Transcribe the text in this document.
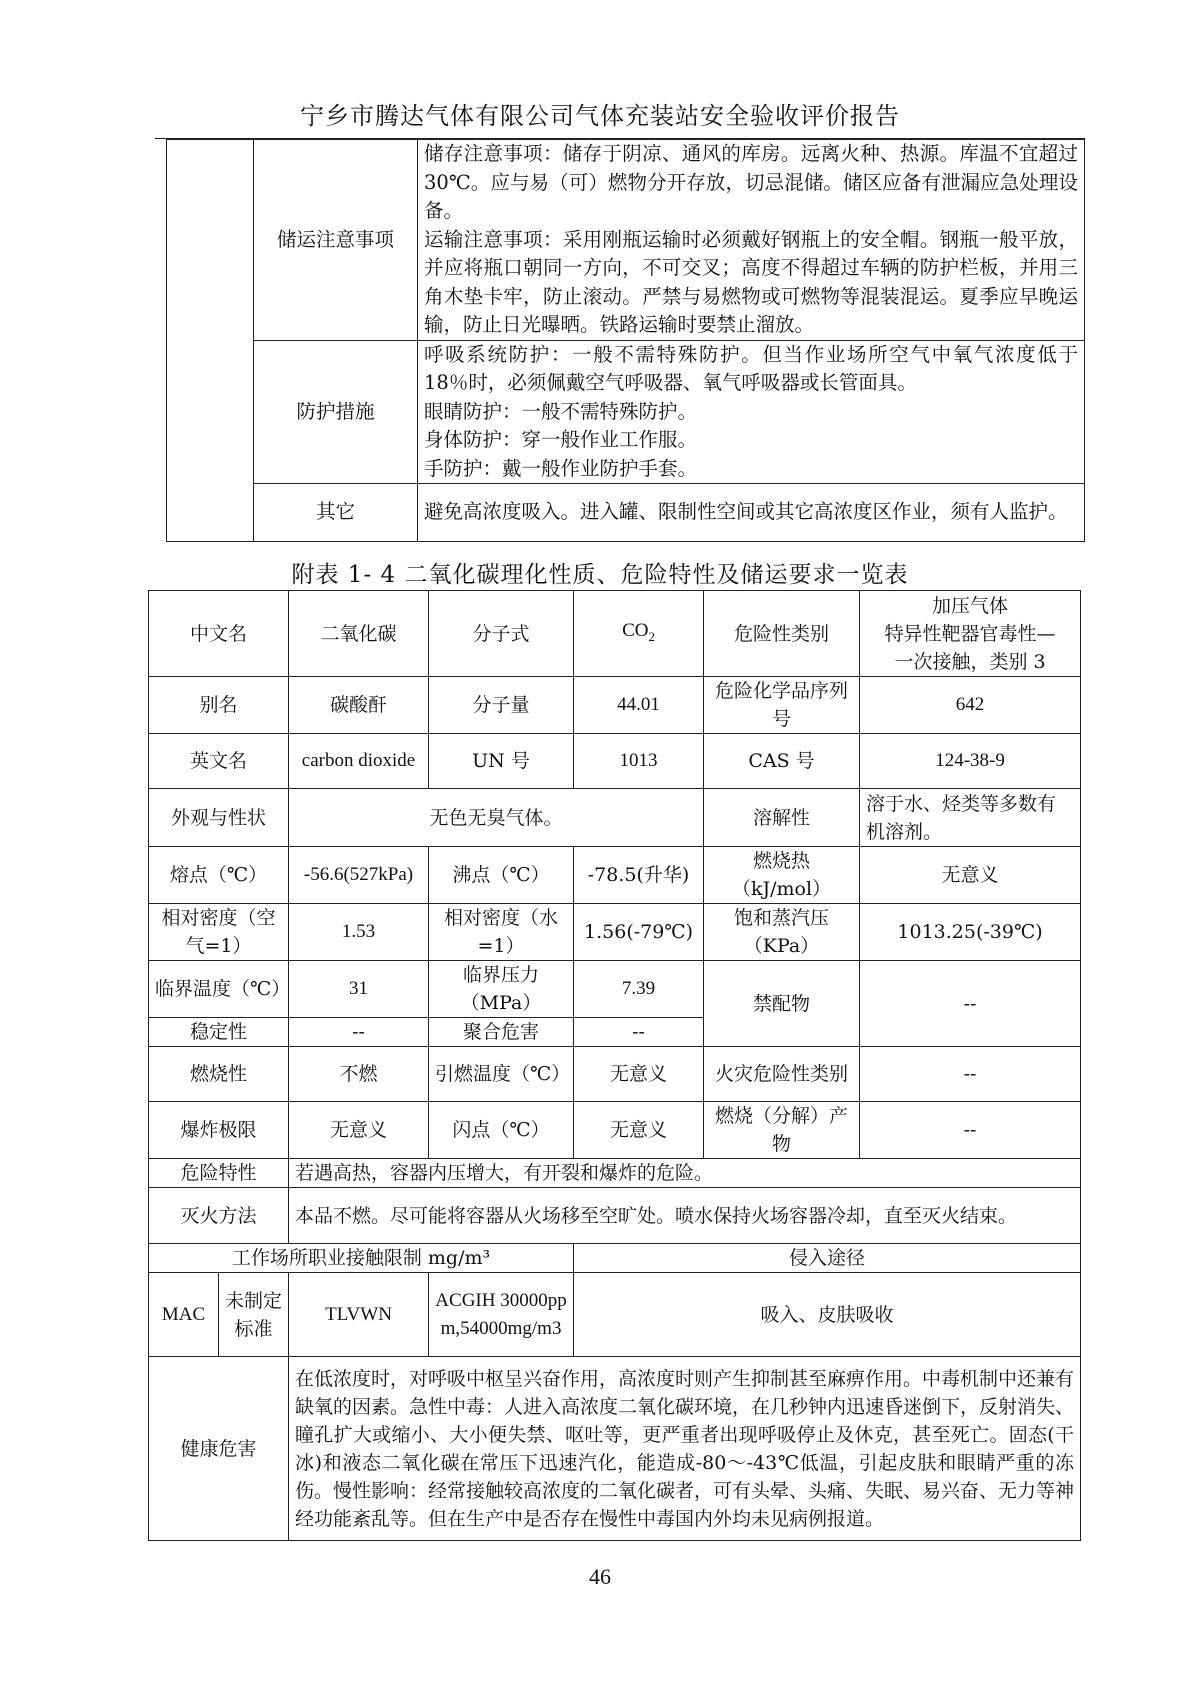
宁乡市腾达气体有限公司气体充装站安全验收评价报告
	储运注意事项	储存注意事项：储存于阴凉、通风的库房。远离火种、热源。库温不宜超过 30℃。应与易（可）燃物分开存放，切忌混储。储区应备有泄漏应急处理设备。
运输注意事项：采用刚瓶运输时必须戴好钢瓶上的安全帽。钢瓶一般平放，并应将瓶口朝同一方向，不可交叉；高度不得超过车辆的防护栏板，并用三角木垫卡牢，防止滚动。严禁与易燃物或可燃物等混装混运。夏季应早晚运输，防止日光曝晒。铁路运输时要禁止溜放。

	防护措施	呼吸系统防护：一般不需特殊防护。但当作业场所空气中氧气浓度低于 18％时，必须佩戴空气呼吸器、氧气呼吸器或长管面具。
眼睛防护：一般不需特殊防护。
身体防护：穿一般作业工作服。
手防护：戴一般作业防护手套。

	其它	避免高浓度吸入。进入罐、限制性空间或其它高浓度区作业，须有人监护。
附表 1- 4 二氧化碳理化性质、危险特性及储运要求一览表
中文名		二氧化碳	分子式	$CO_2$	危险性类别	加压气体
特异性靶器官毒性—
一次接触，类别 3

别名		碳酸酐	分子量	44.01	危险化学品序列号	642
英文名		carbon dioxide	UN 号	1013	CAS 号	124-38-9
外观与性状		无色无臭气体。			溶解性	溶于水、烃类等多数有机溶剂。
熔点（℃）		-56.6(527kPa)	沸点（℃）	-78.5(升华)	燃烧热（kJ/mol）	无意义
相对密度（空气=1）		1.53	相对密度（水=1）	1.56(-79℃)	饱和蒸汽压（KPa）	1013.25(-39℃)
临界温度（℃）		31	临界压力（MPa）	7.39	禁配物	--
稳定性		--	聚合危害	--		
燃烧性		不燃	引燃温度（℃）	无意义	火灾危险性类别	--
爆炸极限		无意义	闪点（℃）	无意义	燃烧（分解）产物	--
危险特性		若遇高热，容器内压增大，有开裂和爆炸的危险。				
灭火方法		本品不燃。尽可能将容器从火场移至空旷处。喷水保持火场容器冷却，直至灭火结束。				
工作场所职业接触限制 mg/m³				侵入途径		
MAC	未制定标准	TLVWN	ACGIH 30000ppm,54000mg/m3	吸入、皮肤吸收		
健康危害		在低浓度时，对呼吸中枢呈兴奋作用，高浓度时则产生抑制甚至麻痹作用。中毒机制中还兼有缺氧的因素。急性中毒：人进入高浓度二氧化碳环境，在几秒钟内迅速昏迷倒下，反射消失、瞳孔扩大或缩小、大小便失禁、呕吐等，更严重者出现呼吸停止及休克，甚至死亡。固态(干冰)和液态二氧化碳在常压下迅速汽化，能造成-80～-43℃低温，引起皮肤和眼睛严重的冻伤。慢性影响：经常接触较高浓度的二氧化碳者，可有头晕、头痛、失眠、易兴奋、无力等神经功能紊乱等。但在生产中是否存在慢性中毒国内外均未见病例报道。				
46
